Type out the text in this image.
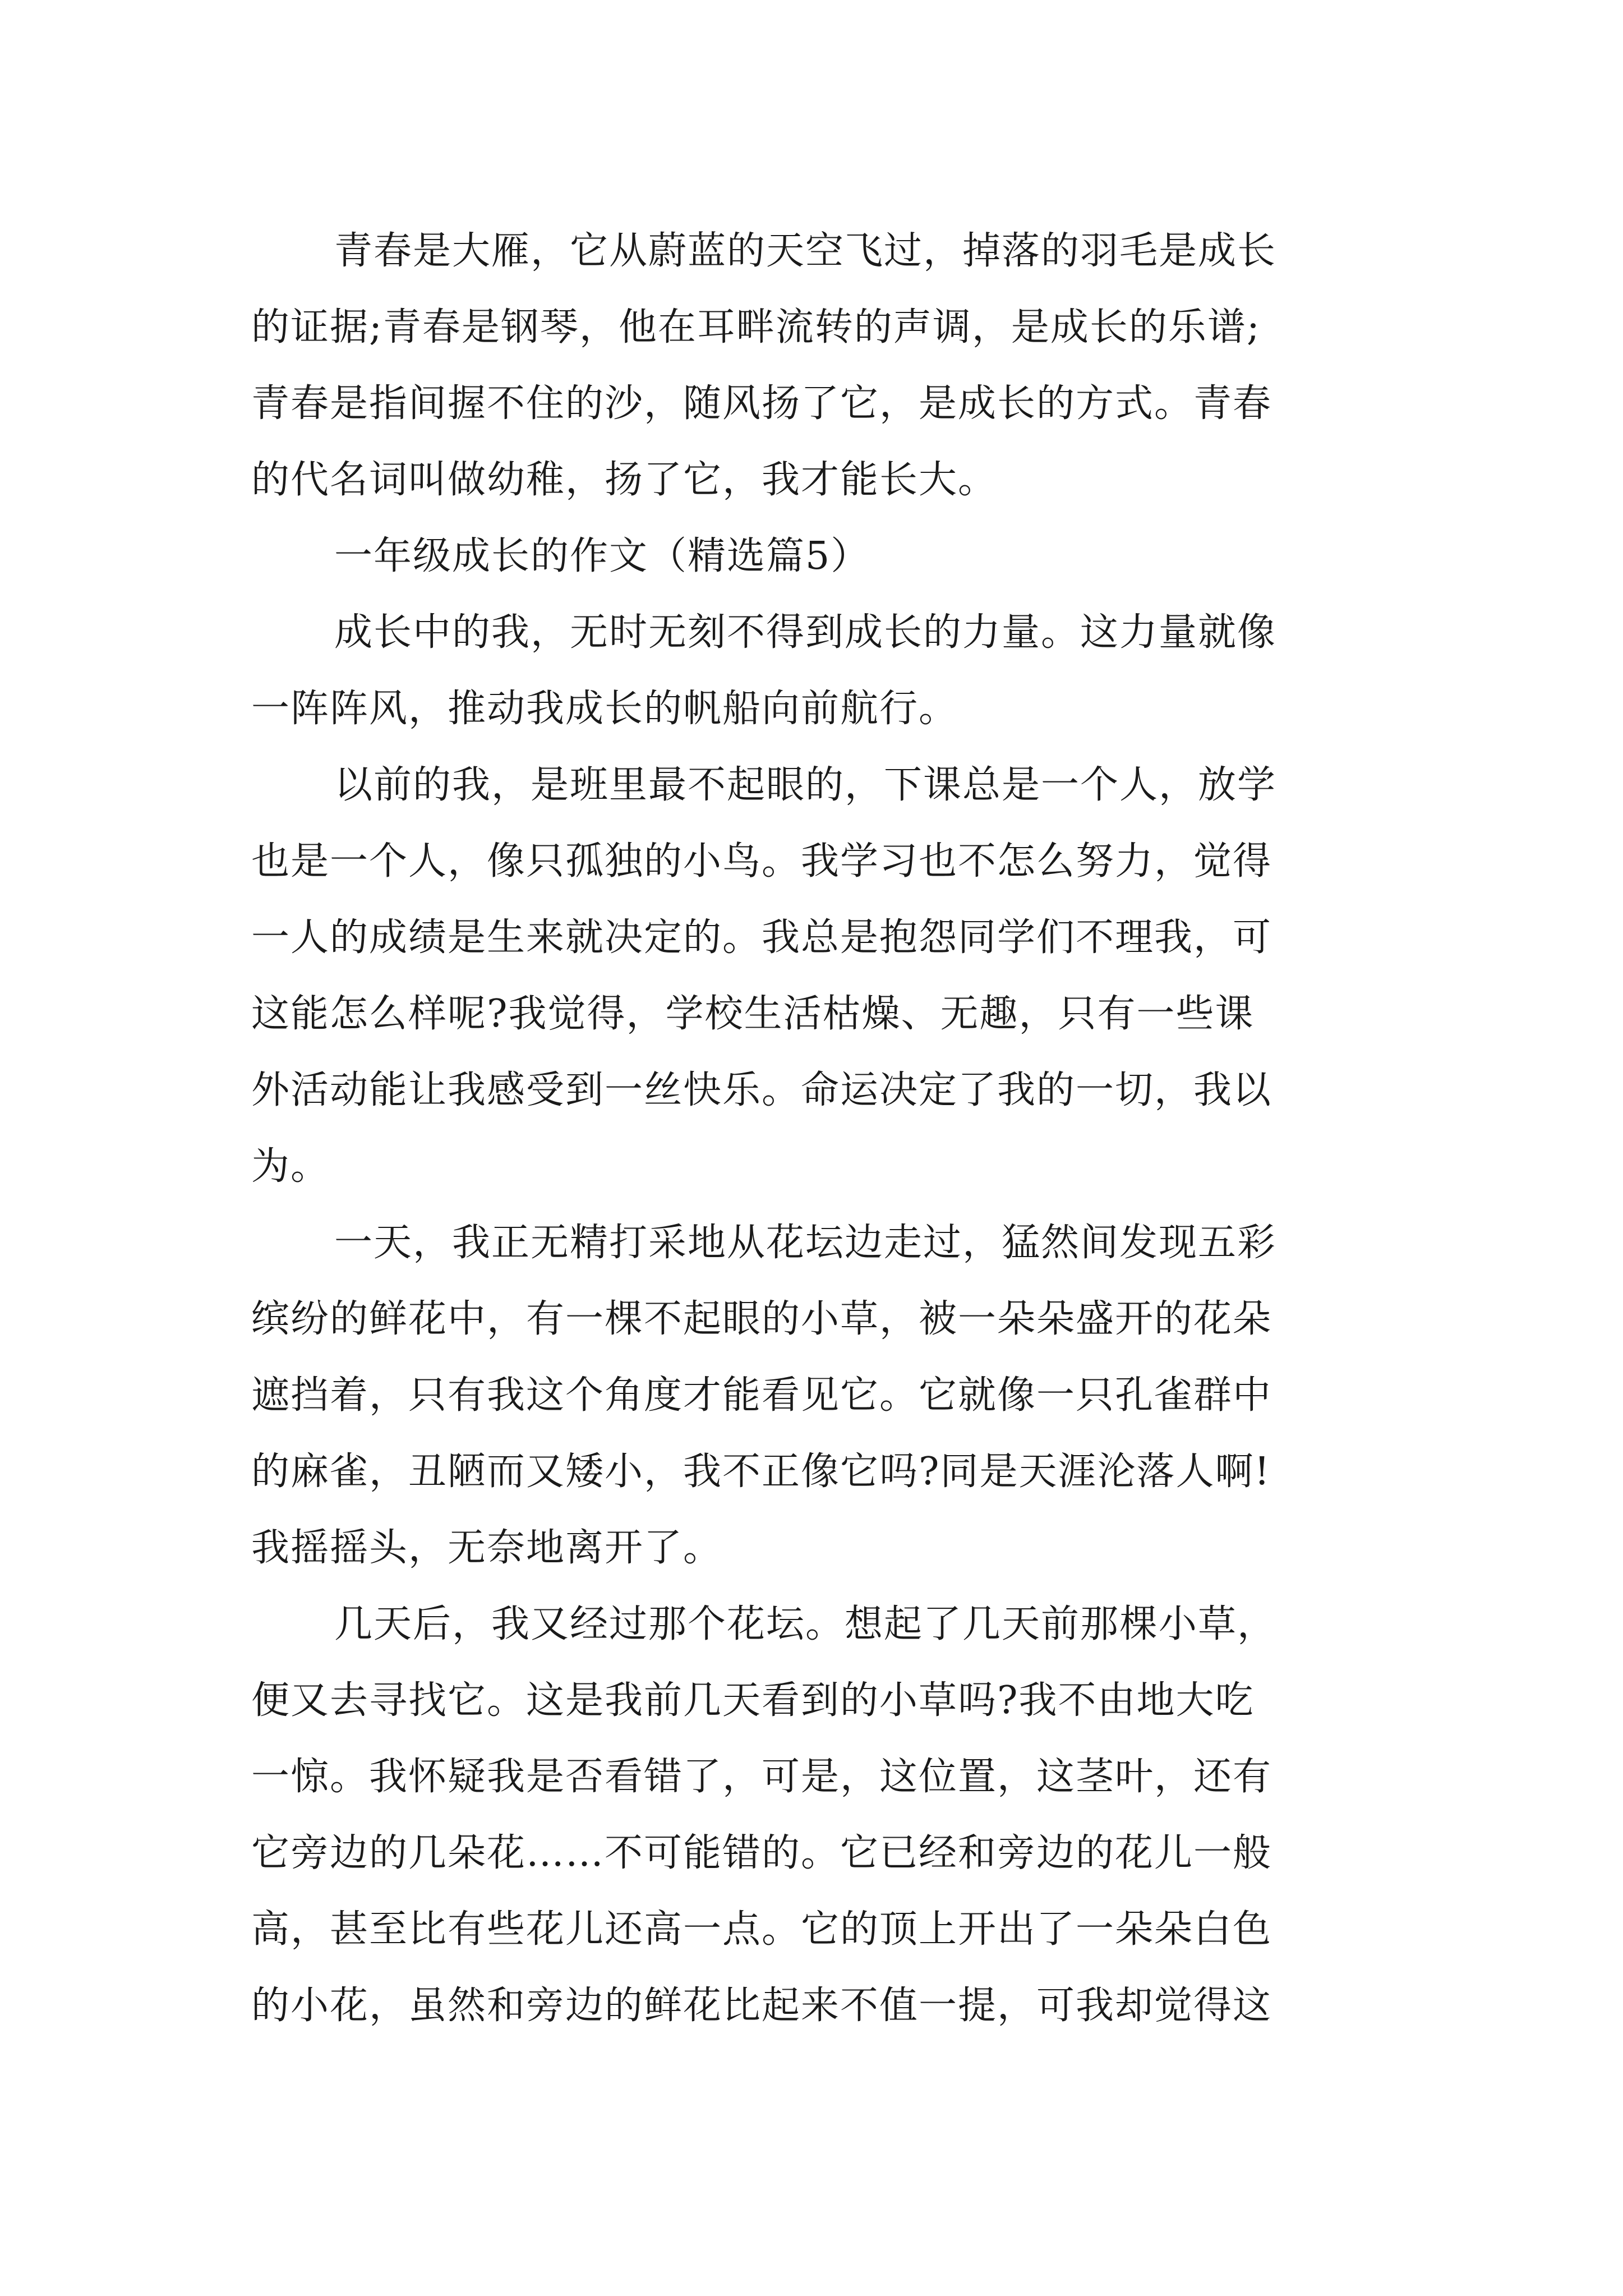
青春是大雁，它从蔚蓝的天空飞过，掉落的羽毛是成长
的证据;青春是钢琴，他在耳畔流转的声调，是成长的乐谱;
青春是指间握不住的沙，随风扬了它，是成长的方式。青春
的代名词叫做幼稚，扬了它，我才能长大。
一年级成长的作文（精选篇5）
成长中的我，无时无刻不得到成长的力量。这力量就像
一阵阵风，推动我成长的帆船向前航行。
以前的我，是班里最不起眼的，下课总是一个人，放学
也是一个人，像只孤独的小鸟。我学习也不怎么努力，觉得
一人的成绩是生来就决定的。我总是抱怨同学们不理我，可
这能怎么样呢?我觉得，学校生活枯燥、无趣，只有一些课
外活动能让我感受到一丝快乐。命运决定了我的一切，我以
为。
一天，我正无精打采地从花坛边走过，猛然间发现五彩
缤纷的鲜花中，有一棵不起眼的小草，被一朵朵盛开的花朵
遮挡着，只有我这个角度才能看见它。它就像一只孔雀群中
的麻雀，丑陋而又矮小，我不正像它吗?同是天涯沦落人啊!
我摇摇头，无奈地离开了。
几天后，我又经过那个花坛。想起了几天前那棵小草，
便又去寻找它。这是我前几天看到的小草吗?我不由地大吃
一惊。我怀疑我是否看错了，可是，这位置，这茎叶，还有
它旁边的几朵花……不可能错的。它已经和旁边的花儿一般
高，甚至比有些花儿还高一点。它的顶上开出了一朵朵白色
的小花，虽然和旁边的鲜花比起来不值一提，可我却觉得这
